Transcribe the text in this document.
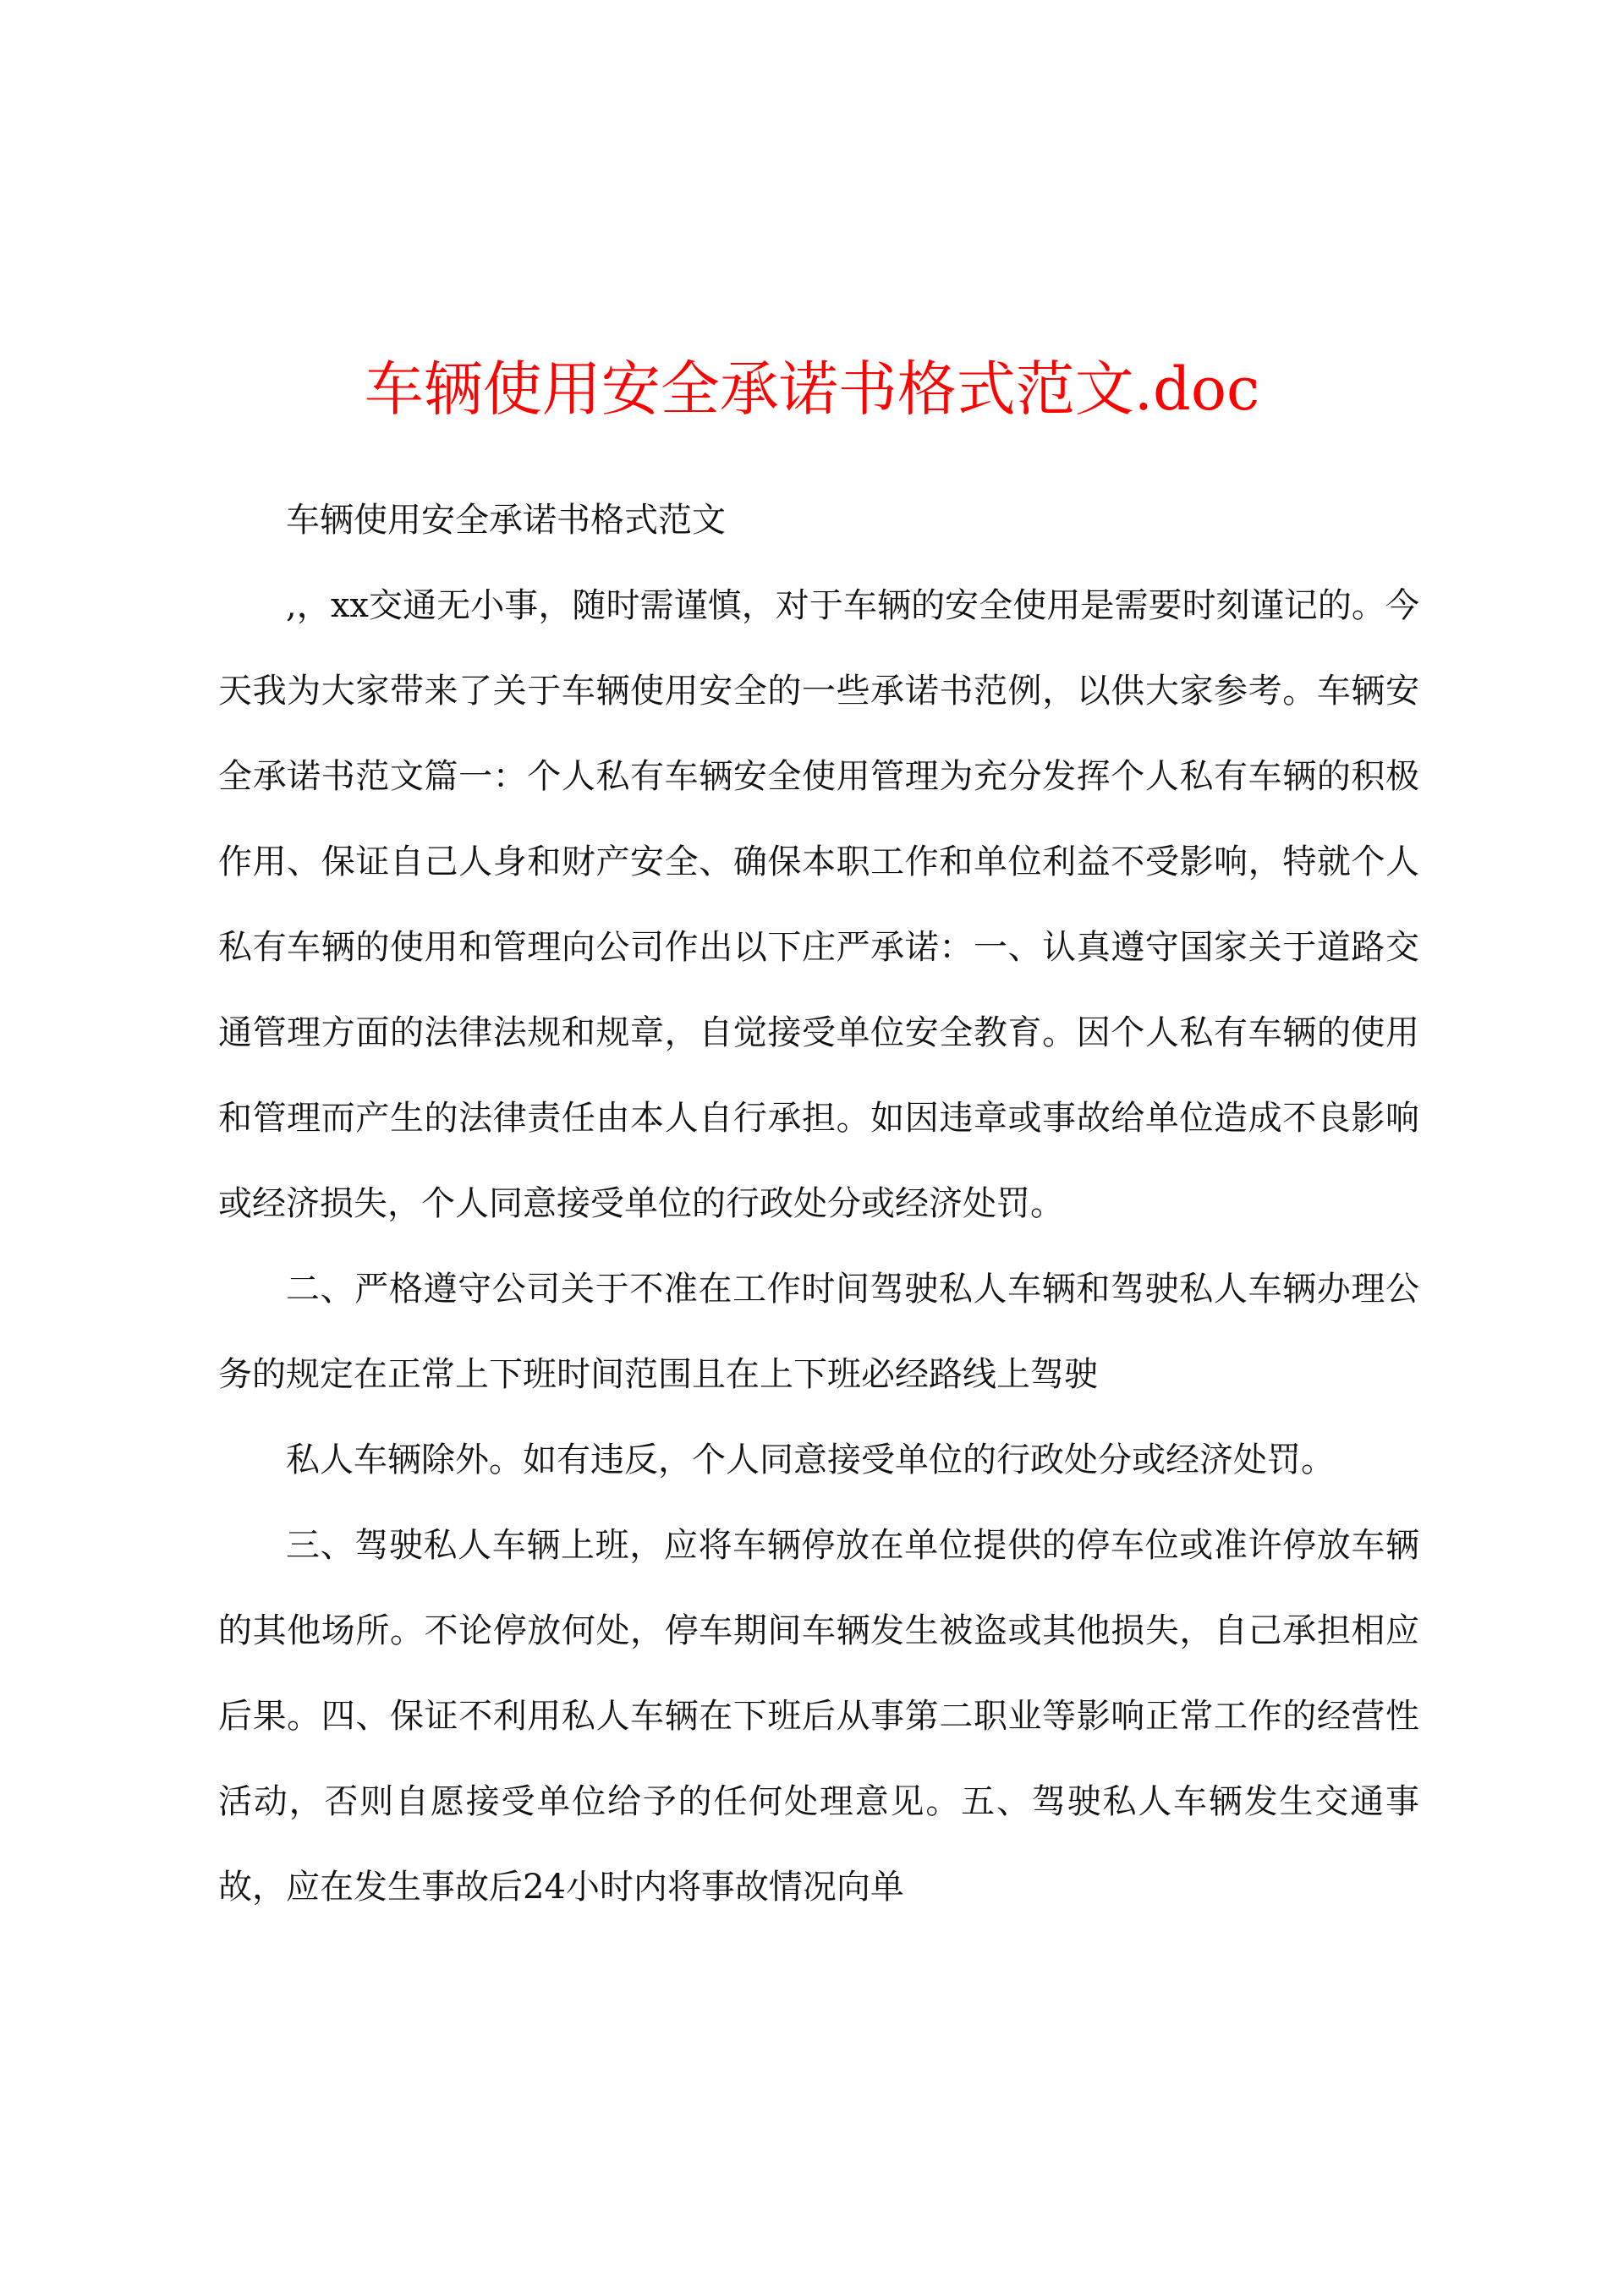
车辆使用安全承诺书格式范文.doc

车辆使用安全承诺书格式范文

,，xx交通无小事，随时需谨慎，对于车辆的安全使用是需要时刻谨记的。今天我为大家带来了关于车辆使用安全的一些承诺书范例，以供大家参考。车辆安全承诺书范文篇一：个人私有车辆安全使用管理为充分发挥个人私有车辆的积极作用、保证自己人身和财产安全、确保本职工作和单位利益不受影响，特就个人私有车辆的使用和管理向公司作出以下庄严承诺：一、认真遵守国家关于道路交通管理方面的法律法规和规章，自觉接受单位安全教育。因个人私有车辆的使用和管理而产生的法律责任由本人自行承担。如因违章或事故给单位造成不良影响或经济损失，个人同意接受单位的行政处分或经济处罚。

二、严格遵守公司关于不准在工作时间驾驶私人车辆和驾驶私人车辆办理公务的规定在正常上下班时间范围且在上下班必经路线上驾驶

私人车辆除外。如有违反，个人同意接受单位的行政处分或经济处罚。

三、驾驶私人车辆上班，应将车辆停放在单位提供的停车位或准许停放车辆的其他场所。不论停放何处，停车期间车辆发生被盗或其他损失，自己承担相应后果。四、保证不利用私人车辆在下班后从事第二职业等影响正常工作的经营性活动，否则自愿接受单位给予的任何处理意见。五、驾驶私人车辆发生交通事故，应在发生事故后24小时内将事故情况向单
